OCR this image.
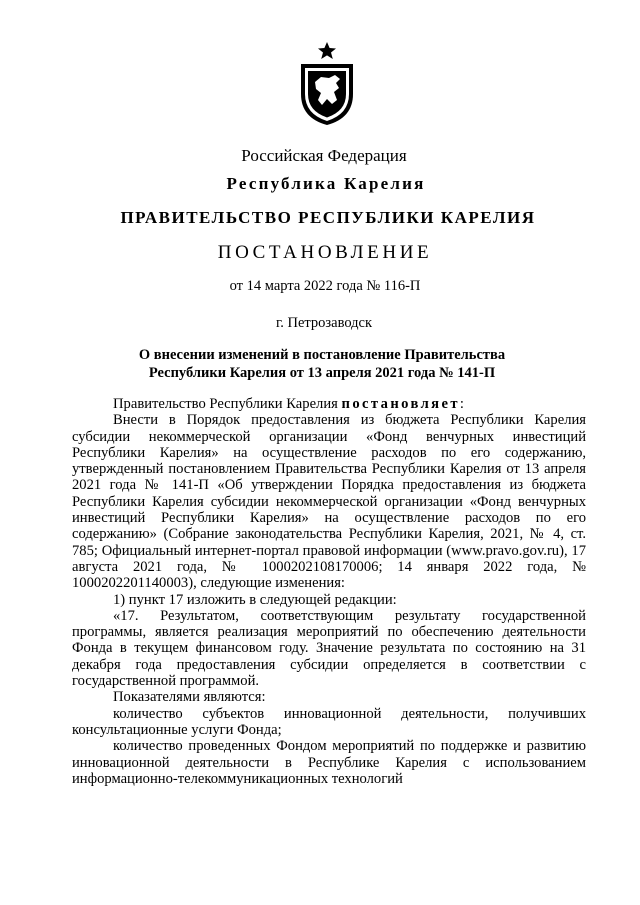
Российская Федерация
Республика Карелия
ПРАВИТЕЛЬСТВО РЕСПУБЛИКИ КАРЕЛИЯ
ПОСТАНОВЛЕНИЕ
от 14 марта 2022 года № 116-П
г. Петрозаводск
О внесении изменений в постановление Правительства
Республики Карелия от 13 апреля 2021 года № 141-П

Правительство Республики Карелия постановляет:

Внести в Порядок предоставления из бюджета Республики Карелия субсидии некоммерческой организации «Фонд венчурных инвестиций Республики Карелия» на осуществление расходов по его содержанию, утвержденный постановлением Правительства Республики Карелия от 13 апреля 2021 года № 141-П «Об утверждении Порядка предоставления из бюджета Республики Карелия субсидии некоммерческой организации «Фонд венчурных инвестиций Республики Карелия» на осуществление расходов по его содержанию» (Собрание законодательства Республики Карелия, 2021, № 4, ст. 785; Официальный интернет-портал правовой информации (www.pravo.gov.ru), 17 августа 2021 года, № 1000202108170006; 14 января 2022 года, № 1000202201140003), следующие изменения:

1) пункт 17 изложить в следующей редакции:

«17. Результатом, соответствующим результату государственной программы, является реализация мероприятий по обеспечению деятельности Фонда в текущем финансовом году. Значение результата по состоянию на 31 декабря года предоставления субсидии определяется в соответствии с государственной программой.

Показателями являются:

количество субъектов инновационной деятельности, получивших консультационные услуги Фонда;

количество проведенных Фондом мероприятий по поддержке и развитию инновационной деятельности в Республике Карелия с использованием информационно-телекоммуникационных технологий
